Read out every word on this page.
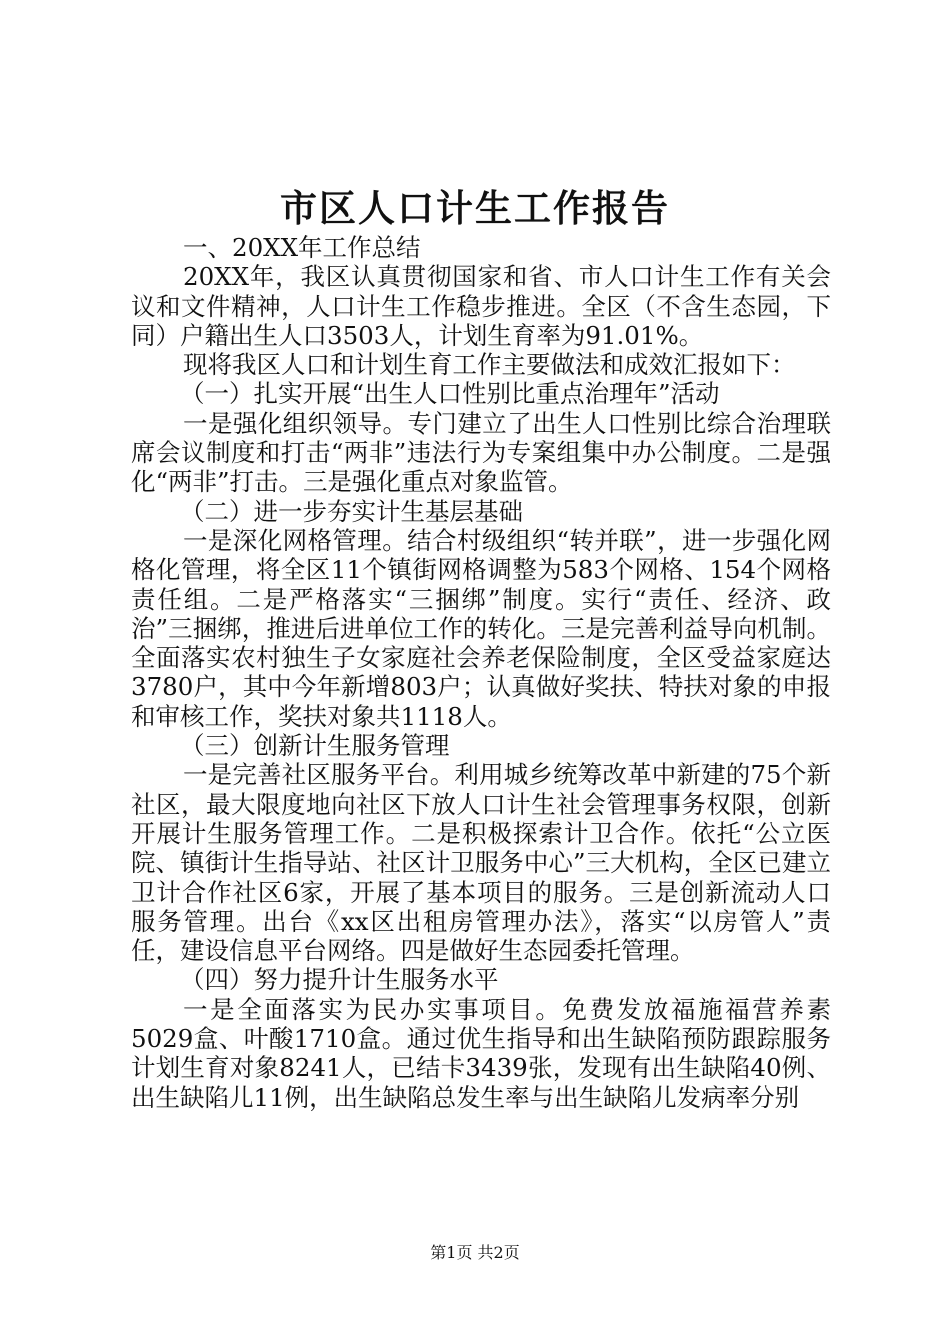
市区人口计生工作报告

一、20XX年工作总结

20XX年，我区认真贯彻国家和省、市人口计生工作有关会议和文件精神，人口计生工作稳步推进。全区（不含生态园，下同）户籍出生人口3503人，计划生育率为91.01%。

现将我区人口和计划生育工作主要做法和成效汇报如下：

（一）扎实开展“出生人口性别比重点治理年”活动

一是强化组织领导。专门建立了出生人口性别比综合治理联席会议制度和打击“两非”违法行为专案组集中办公制度。二是强化“两非”打击。三是强化重点对象监管。

（二）进一步夯实计生基层基础

一是深化网格管理。结合村级组织“转并联”，进一步强化网格化管理，将全区11个镇街网格调整为583个网格、154个网格责任组。二是严格落实“三捆绑”制度。实行“责任、经济、政治”三捆绑，推进后进单位工作的转化。三是完善利益导向机制。全面落实农村独生子女家庭社会养老保险制度，全区受益家庭达3780户，其中今年新增803户；认真做好奖扶、特扶对象的申报和审核工作，奖扶对象共1118人。

（三）创新计生服务管理

一是完善社区服务平台。利用城乡统筹改革中新建的75个新社区，最大限度地向社区下放人口计生社会管理事务权限，创新开展计生服务管理工作。二是积极探索计卫合作。依托“公立医院、镇街计生指导站、社区计卫服务中心”三大机构，全区已建立卫计合作社区6家，开展了基本项目的服务。三是创新流动人口服务管理。出台《xx区出租房管理办法》，落实“以房管人”责任，建设信息平台网络。四是做好生态园委托管理。

（四）努力提升计生服务水平

一是全面落实为民办实事项目。免费发放福施福营养素5029盒、叶酸1710盒。通过优生指导和出生缺陷预防跟踪服务计划生育对象8241人，已结卡3439张，发现有出生缺陷40例、出生缺陷儿11例，出生缺陷总发生率与出生缺陷儿发病率分别

第1页 共2页
